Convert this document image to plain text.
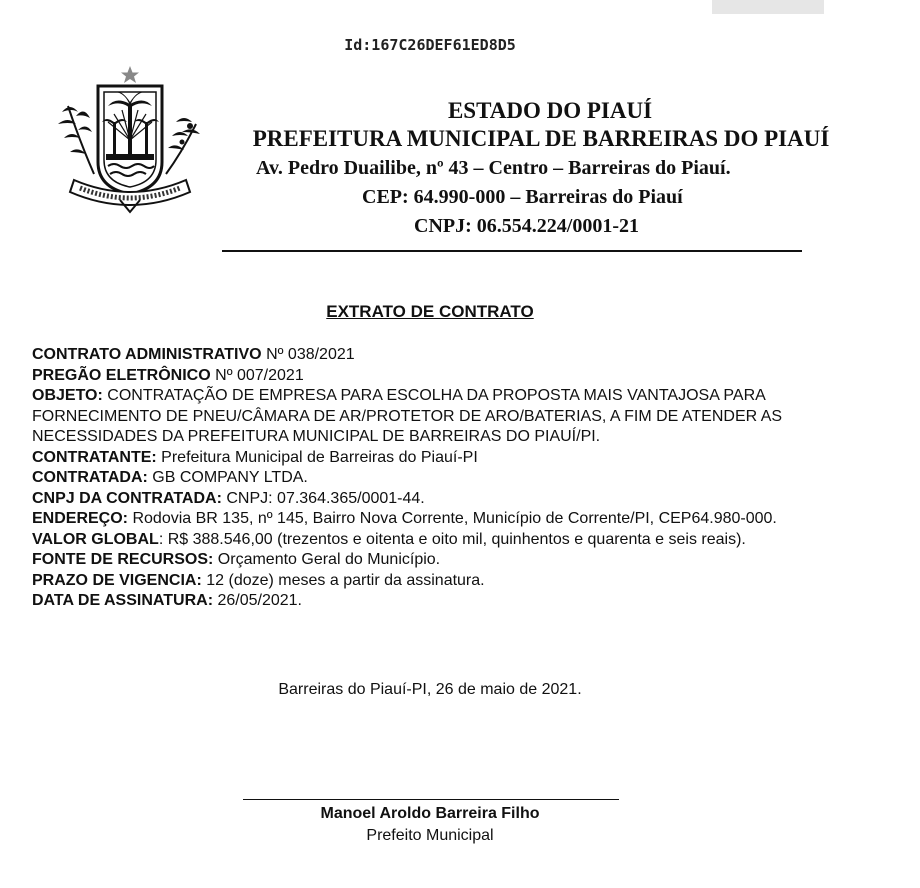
Id:167C26DEF61ED8D5
ESTADO DO PIAUÍ
PREFEITURA MUNICIPAL DE BARREIRAS DO PIAUÍ
Av. Pedro Duailibe, nº 43 – Centro – Barreiras do Piauí.
CEP: 64.990-000 – Barreiras do Piauí
CNPJ: 06.554.224/0001-21
EXTRATO DE CONTRATO
CONTRATO ADMINISTRATIVO Nº 038/2021
PREGÃO ELETRÔNICO Nº 007/2021
OBJETO: CONTRATAÇÃO DE EMPRESA PARA ESCOLHA DA PROPOSTA MAIS VANTAJOSA PARA
FORNECIMENTO DE PNEU/CÂMARA DE AR/PROTETOR DE ARO/BATERIAS, A FIM DE ATENDER AS
NECESSIDADES DA PREFEITURA MUNICIPAL DE BARREIRAS DO PIAUÍ/PI.
CONTRATANTE: Prefeitura Municipal de Barreiras do Piauí-PI
CONTRATADA: GB COMPANY LTDA.
CNPJ DA CONTRATADA: CNPJ: 07.364.365/0001-44.
ENDEREÇO: Rodovia BR 135, nº 145, Bairro Nova Corrente, Município de Corrente/PI, CEP64.980-000.
VALOR GLOBAL: R$ 388.546,00 (trezentos e oitenta e oito mil, quinhentos e quarenta e seis reais).
FONTE DE RECURSOS: Orçamento Geral do Município.
PRAZO DE VIGENCIA: 12 (doze) meses a partir da assinatura.
DATA DE ASSINATURA: 26/05/2021.
Barreiras do Piauí-PI, 26 de maio de 2021.
Manoel Aroldo Barreira Filho
Prefeito Municipal
